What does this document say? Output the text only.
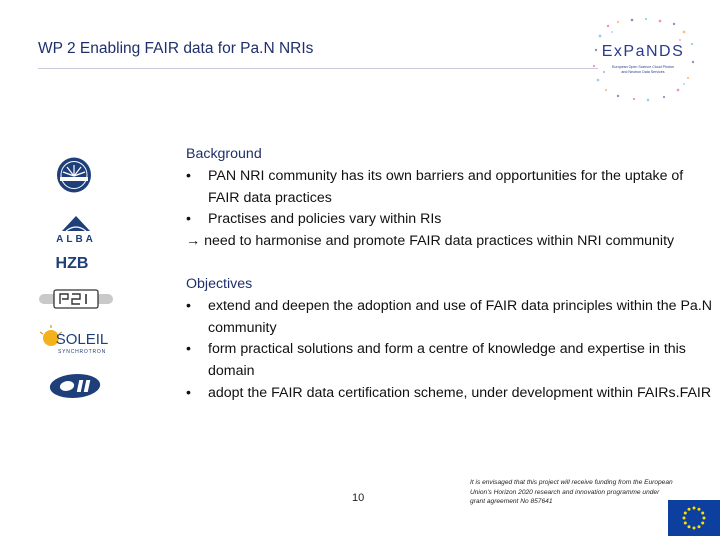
WP 2 Enabling FAIR data for Pa.N NRIs	ExPaNDS
European Open Science Cloud Photon
and Neutron Data Services
ALBA
HZB
SOLEIL
SYNCHROTRON
Background
• PAN NRI community has its own barriers and opportunities for the uptake of FAIR data practices
• Practises and policies vary within RIs
→ need to harmonise and promote FAIR data practices within NRI community
Objectives
• extend and deepen the adoption and use of FAIR data principles within the Pa.N community
• form practical solutions and form a centre of knowledge and expertise in this domain
• adopt the FAIR data certification scheme, under development within FAIRs.FAIR
10
It is envisaged that this project will receive funding from the European Union's Horizon 2020 research and innovation programme under grant agreement No 857641
